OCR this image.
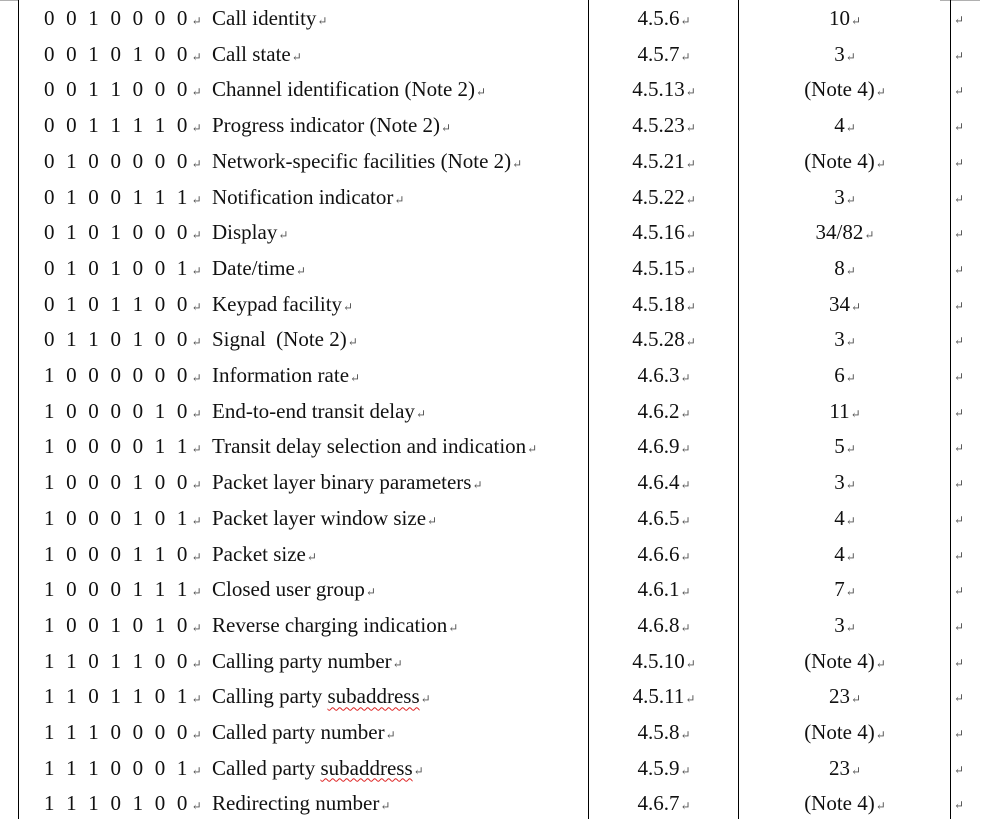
0 0 1 0 0 0 0↵ Call identity↵	4.5.6↵	10↵	↵
0 0 1 0 1 0 0↵ Call state↵	4.5.7↵	3↵	↵
0 0 1 1 0 0 0↵ Channel identification (Note 2)↵	4.5.13↵	(Note 4)↵	↵
0 0 1 1 1 1 0↵ Progress indicator (Note 2)↵	4.5.23↵	4↵	↵
0 1 0 0 0 0 0↵ Network-specific facilities (Note 2)↵	4.5.21↵	(Note 4)↵	↵
0 1 0 0 1 1 1↵ Notification indicator↵	4.5.22↵	3↵	↵
0 1 0 1 0 0 0↵ Display↵	4.5.16↵	34/82↵	↵
0 1 0 1 0 0 1↵ Date/time↵	4.5.15↵	8↵	↵
0 1 0 1 1 0 0↵ Keypad facility↵	4.5.18↵	34↵	↵
0 1 1 0 1 0 0↵ Signal  (Note 2)↵	4.5.28↵	3↵	↵
1 0 0 0 0 0 0↵ Information rate↵	4.6.3↵	6↵	↵
1 0 0 0 0 1 0↵ End-to-end transit delay↵	4.6.2↵	11↵	↵
1 0 0 0 0 1 1↵ Transit delay selection and indication↵	4.6.9↵	5↵	↵
1 0 0 0 1 0 0↵ Packet layer binary parameters↵	4.6.4↵	3↵	↵
1 0 0 0 1 0 1↵ Packet layer window size↵	4.6.5↵	4↵	↵
1 0 0 0 1 1 0↵ Packet size↵	4.6.6↵	4↵	↵
1 0 0 0 1 1 1↵ Closed user group↵	4.6.1↵	7↵	↵
1 0 0 1 0 1 0↵ Reverse charging indication↵	4.6.8↵	3↵	↵
1 1 0 1 1 0 0↵ Calling party number↵	4.5.10↵	(Note 4)↵	↵
1 1 0 1 1 0 1↵ Calling party subaddress↵	4.5.11↵	23↵	↵
1 1 1 0 0 0 0↵ Called party number↵	4.5.8↵	(Note 4)↵	↵
1 1 1 0 0 0 1↵ Called party subaddress↵	4.5.9↵	23↵	↵
1 1 1 0 1 0 0↵ Redirecting number↵	4.6.7↵	(Note 4)↵	↵
